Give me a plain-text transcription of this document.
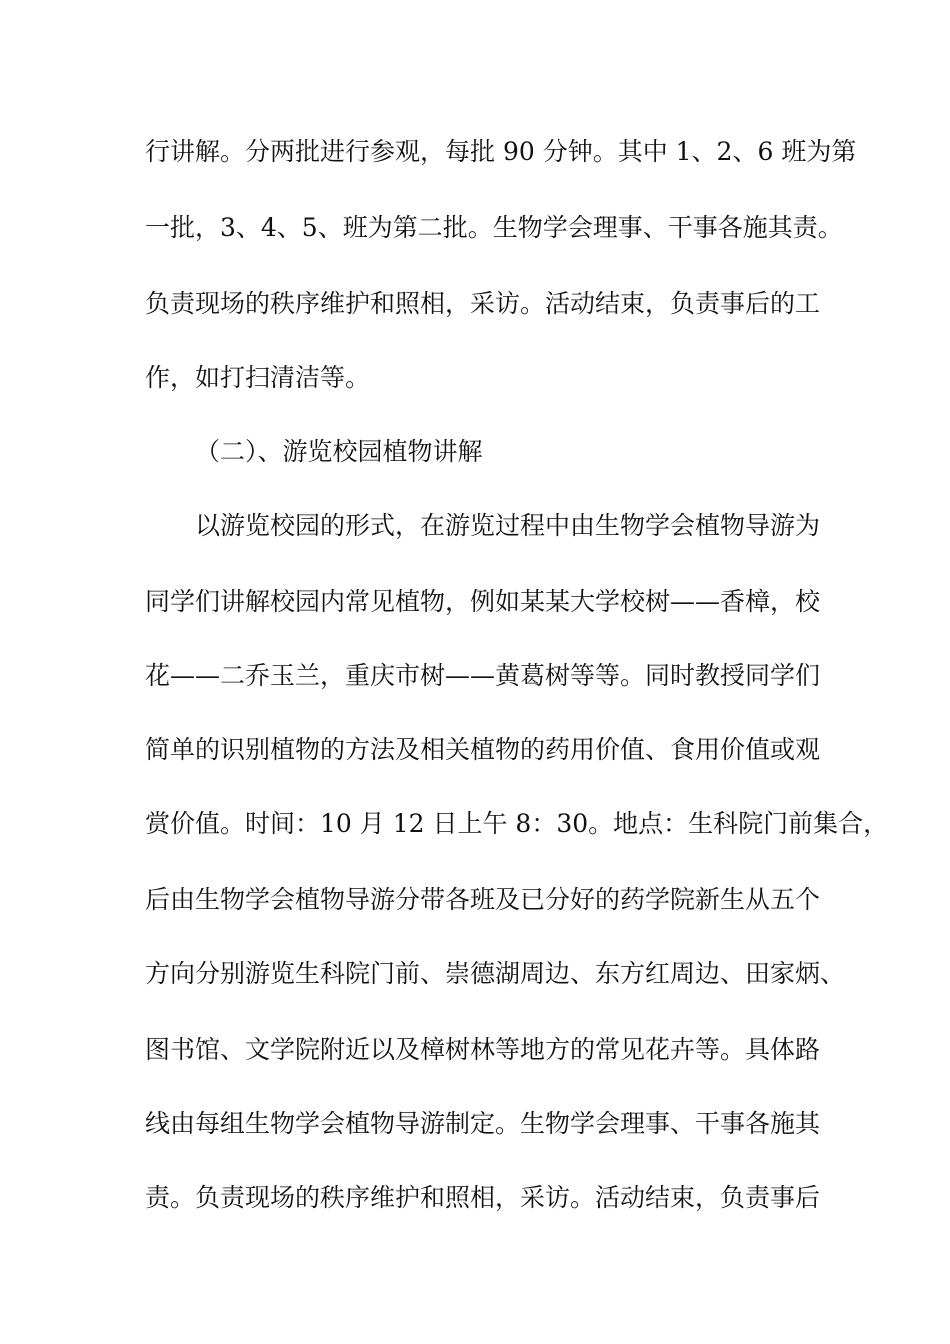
行讲解。分两批进行参观，每批 90 分钟。其中 1、2、6 班为第
一批，3、4、5、班为第二批。生物学会理事、干事各施其责。
负责现场的秩序维护和照相，采访。活动结束，负责事后的工
作，如打扫清洁等。
（二）、游览校园植物讲解
以游览校园的形式，在游览过程中由生物学会植物导游为
同学们讲解校园内常见植物，例如某某大学校树——香樟，校
花——二乔玉兰，重庆市树——黄葛树等等。同时教授同学们
简单的识别植物的方法及相关植物的药用价值、食用价值或观
赏价值。时间：10 月 12 日上午 8：30。地点：生科院门前集合，
后由生物学会植物导游分带各班及已分好的药学院新生从五个
方向分别游览生科院门前、崇德湖周边、东方红周边、田家炳、
图书馆、文学院附近以及樟树林等地方的常见花卉等。具体路
线由每组生物学会植物导游制定。生物学会理事、干事各施其
责。负责现场的秩序维护和照相，采访。活动结束，负责事后
